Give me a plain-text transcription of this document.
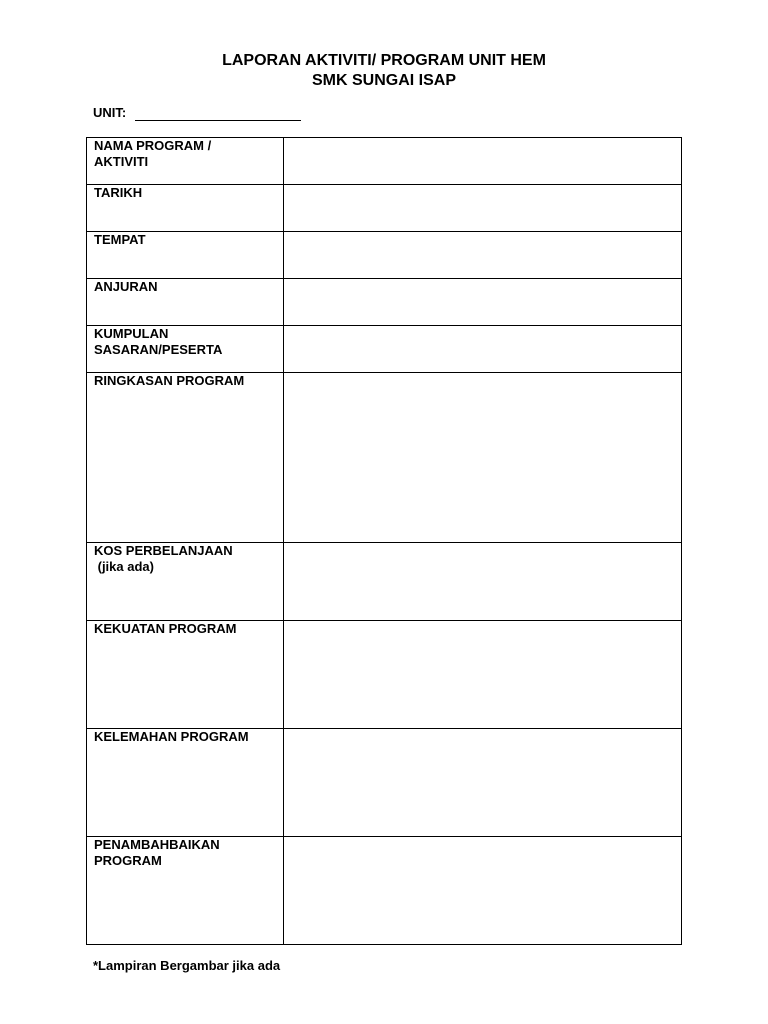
LAPORAN AKTIVITI/ PROGRAM UNIT HEM
SMK SUNGAI ISAP
UNIT:
NAMA PROGRAM /
AKTIVITI	

TARIKH	

TEMPAT	

ANJURAN	

KUMPULAN
SASARAN/PESERTA	

RINGKASAN PROGRAM	

KOS PERBELANJAAN
(jika ada)	

KEKUATAN PROGRAM	

KELEMAHAN PROGRAM	

PENAMBAHBAIKAN
PROGRAM	

*Lampiran Bergambar jika ada
